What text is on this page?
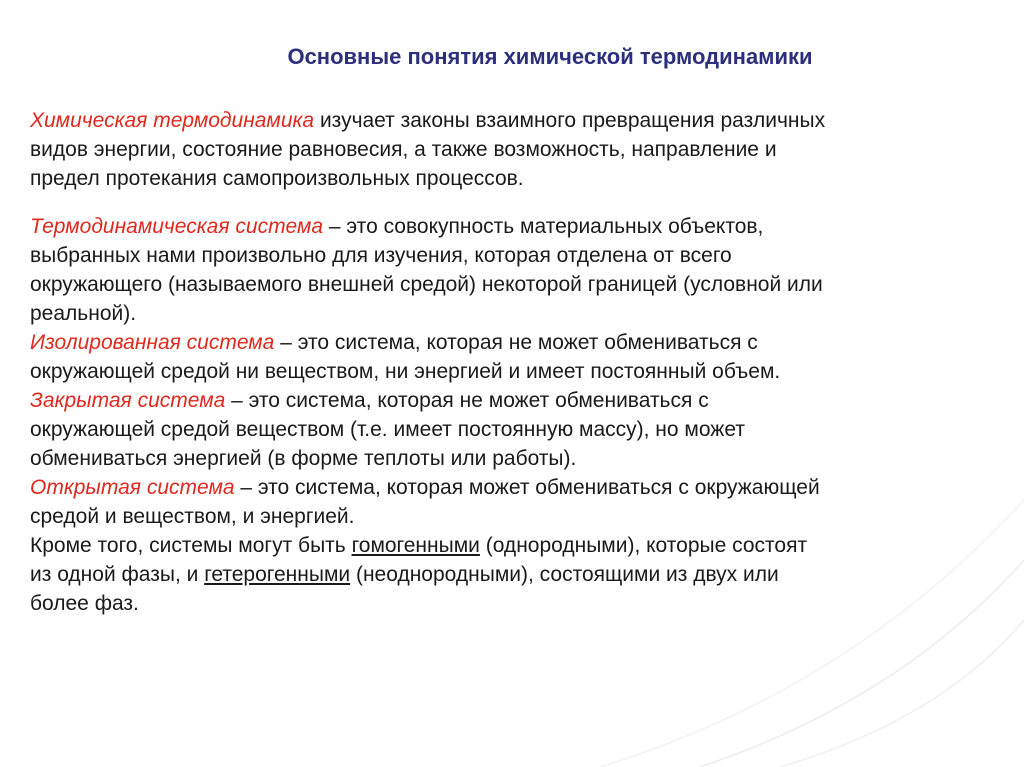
Основные понятия химической термодинамики
Химическая термодинамика изучает законы взаимного превращения различных
видов энергии, состояние равновесия, а также возможность, направление и
предел протекания самопроизвольных процессов.
Термодинамическая система – это совокупность материальных объектов,
выбранных нами произвольно для изучения, которая отделена от всего
окружающего (называемого внешней средой) некоторой границей (условной или
реальной).
Изолированная система – это система, которая не может обмениваться с
окружающей средой ни веществом, ни энергией и имеет постоянный объем.
Закрытая система – это система, которая не может обмениваться с
окружающей средой веществом (т.е. имеет постоянную массу), но может
обмениваться энергией (в форме теплоты или работы).
Открытая система – это система, которая может обмениваться с окружающей
средой и веществом, и энергией.
Кроме того, системы могут быть гомогенными (однородными), которые состоят
из одной фазы, и гетерогенными (неоднородными), состоящими из двух или
более фаз.
